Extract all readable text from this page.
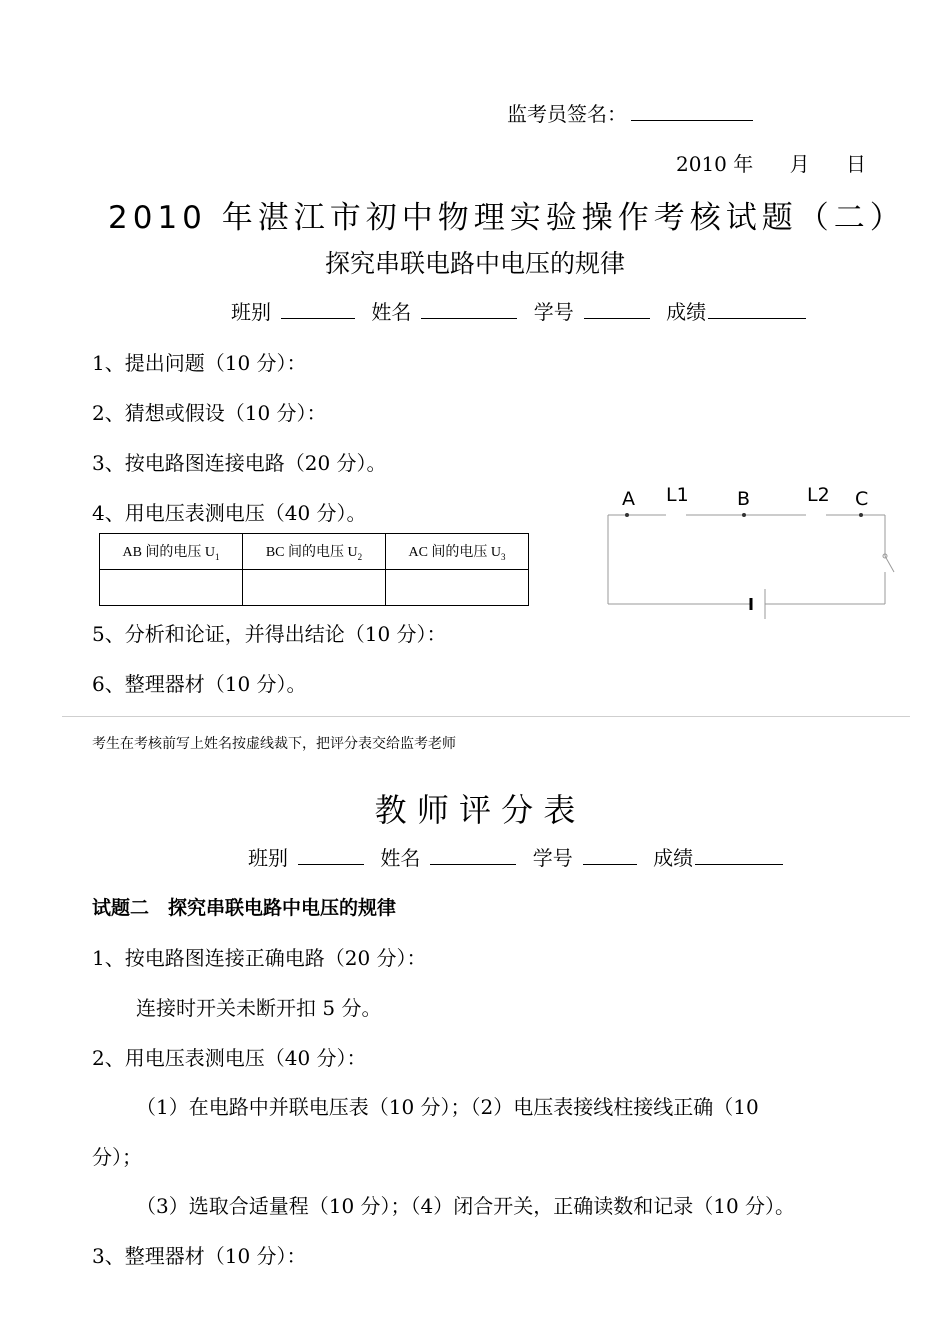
监考员签名：
2010 年 月 日
2010 年湛江市初中物理实验操作考核试题（二）
探究串联电路中电压的规律
班别	姓名	学号	成绩
1、提出问题（10 分）：
2、猜想或假设（10 分）：
3、按电路图连接电路（20 分）。
4、用电压表测电压（40 分）。
AB 间的电压 $U_1$	BC 间的电压 $U_2$	AC 间的电压 $U_3$

A L1	B	L2 C
5、分析和论证，并得出结论（10 分）：
6、整理器材（10 分）。
考生在考核前写上姓名按虚线裁下，把评分表交给监考老师
教 师 评 分 表
班别	姓名	学号	成绩
试题二　探究串联电路中电压的规律
1、按电路图连接正确电路（20 分）：
连接时开关未断开扣 5 分。
2、用电压表测电压（40 分）：
（1）在电路中并联电压表（10 分）；（2）电压表接线柱接线正确（10
分）；
（3）选取合适量程（10 分）；（4）闭合开关，正确读数和记录（10 分）。
3、整理器材（10 分）：
